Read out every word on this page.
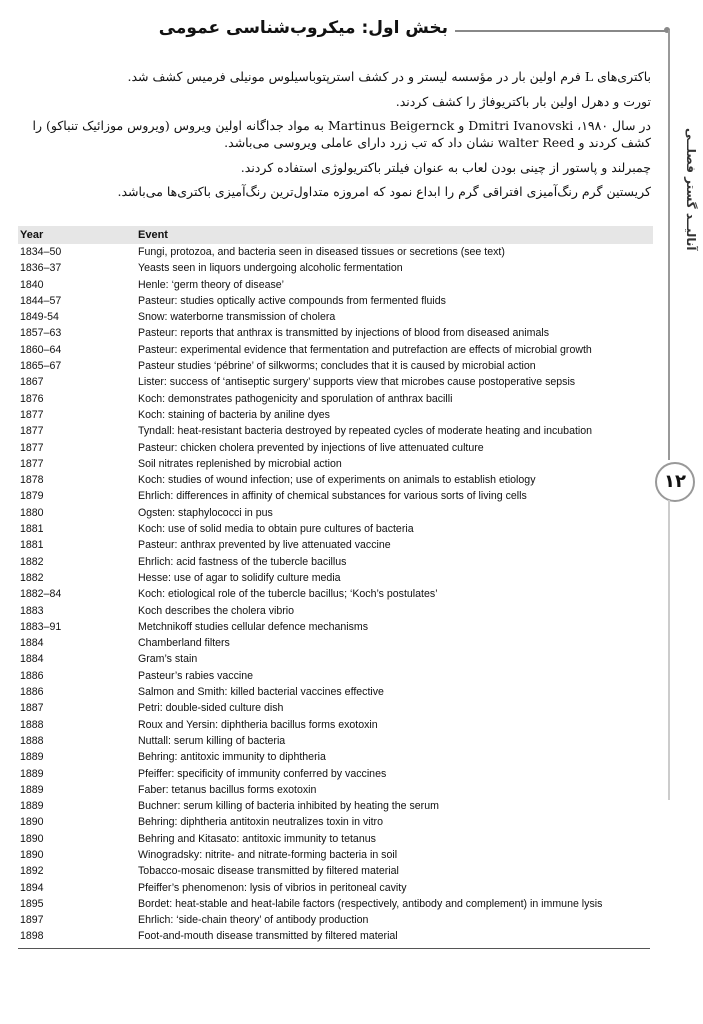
بخش اول: میکروب‌شناسی عمومی
آنالیــد گستر فصلــی
۱۲

باکتری‌های L فرم اولین بار در مؤسسه لیستر و در کشف استرپتوباسیلوس مونیلی فرمیس کشف شد.

تورت و دهرل اولین بار باکتریوفاژ را کشف کردند.

در سال ۱۹۸۰، Dmitri Ivanovski و Martinus Beigernck به مواد جداگانه اولین ویروس (ویروس موزائیک تنباکو) را کشف کردند و walter Reed نشان داد که تب زرد دارای عاملی ویروسی می‌باشد.

چمبرلند و پاستور از چینی بودن لعاب به عنوان فیلتر باکتریولوژی استفاده کردند.

کریستین گرم رنگ‌آمیزی افتراقی گرم را ابداع نمود که امروزه متداول‌ترین رنگ‌آمیزی باکتری‌ها می‌باشد.

Year	Event
1834–50	Fungi, protozoa, and bacteria seen in diseased tissues or secretions (see text)
1836–37	Yeasts seen in liquors undergoing alcoholic fermentation
1840	Henle: ‘germ theory of disease’
1844–57	Pasteur: studies optically active compounds from fermented fluids
1849-54	Snow: waterborne transmission of cholera
1857–63	Pasteur: reports that anthrax is transmitted by injections of blood from diseased animals
1860–64	Pasteur: experimental evidence that fermentation and putrefaction are effects of microbial growth
1865–67	Pasteur studies ‘pébrine’ of silkworms; concludes that it is caused by microbial action
1867	Lister: success of ‘antiseptic surgery’ supports view that microbes cause postoperative sepsis
1876	Koch: demonstrates pathogenicity and sporulation of anthrax bacilli
1877	Koch: staining of bacteria by aniline dyes
1877	Tyndall: heat-resistant bacteria destroyed by repeated cycles of moderate heating and incubation
1877	Pasteur: chicken cholera prevented by injections of live attenuated culture
1877	Soil nitrates replenished by microbial action
1878	Koch: studies of wound infection; use of experiments on animals to establish etiology
1879	Ehrlich: differences in affinity of chemical substances for various sorts of living cells
1880	Ogsten: staphylococci in pus
1881	Koch: use of solid media to obtain pure cultures of bacteria
1881	Pasteur: anthrax prevented by live attenuated vaccine
1882	Ehrlich: acid fastness of the tubercle bacillus
1882	Hesse: use of agar to solidify culture media
1882–84	Koch: etiological role of the tubercle bacillus; ‘Koch’s postulates’
1883	Koch describes the cholera vibrio
1883–91	Metchnikoff studies cellular defence mechanisms
1884	Chamberland filters
1884	Gram’s stain
1886	Pasteur’s rabies vaccine
1886	Salmon and Smith: killed bacterial vaccines effective
1887	Petri: double-sided culture dish
1888	Roux and Yersin: diphtheria bacillus forms exotoxin
1888	Nuttall: serum killing of bacteria
1889	Behring: antitoxic immunity to diphtheria
1889	Pfeiffer: specificity of immunity conferred by vaccines
1889	Faber: tetanus bacillus forms exotoxin
1889	Buchner: serum killing of bacteria inhibited by heating the serum
1890	Behring: diphtheria antitoxin neutralizes toxin in vitro
1890	Behring and Kitasato: antitoxic immunity to tetanus
1890	Winogradsky: nitrite- and nitrate-forming bacteria in soil
1892	Tobacco-mosaic disease transmitted by filtered material
1894	Pfeiffer’s phenomenon: lysis of vibrios in peritoneal cavity
1895	Bordet: heat-stable and heat-labile factors (respectively, antibody and complement) in immune lysis
1897	Ehrlich: ‘side-chain theory’ of antibody production
1898	Foot-and-mouth disease transmitted by filtered material
